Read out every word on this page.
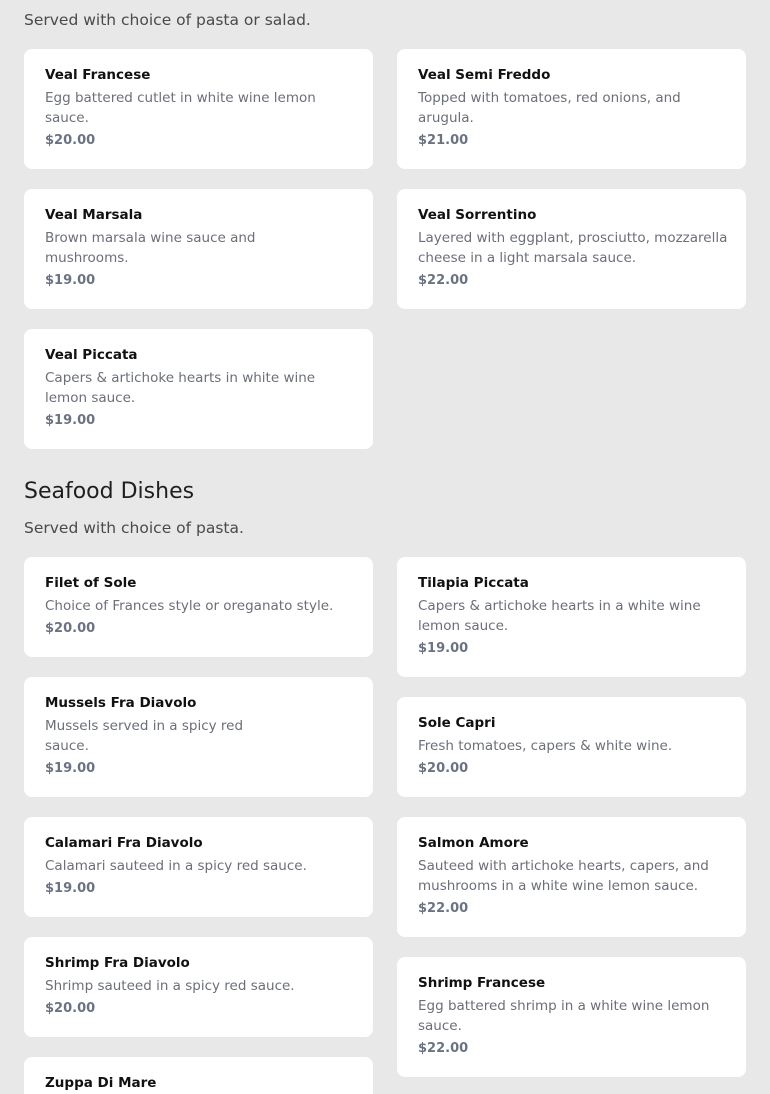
Served with choice of pasta or salad.
Veal Francese
Egg battered cutlet in white wine lemon sauce.
$20.00
Veal Semi Freddo
Topped with tomatoes, red onions, and arugula.
$21.00
Veal Marsala
Brown marsala wine sauce and mushrooms.
$19.00
Veal Sorrentino
Layered with eggplant, prosciutto, mozzarella cheese in a light marsala sauce.
$22.00
Veal Piccata
Capers & artichoke hearts in white wine lemon sauce.
$19.00
Seafood Dishes
Served with choice of pasta.
Filet of Sole
Choice of Frances style or oreganato style.
$20.00
Mussels Fra Diavolo
Mussels served in a spicy red sauce.
$19.00
Calamari Fra Diavolo
Calamari sauteed in a spicy red sauce.
$19.00
Shrimp Fra Diavolo
Shrimp sauteed in a spicy red sauce.
$20.00
Zuppa Di Mare
Tilapia Piccata
Capers & artichoke hearts in a white wine lemon sauce.
$19.00
Sole Capri
Fresh tomatoes, capers & white wine.
$20.00
Salmon Amore
Sauteed with artichoke hearts, capers, and mushrooms in a white wine lemon sauce.
$22.00
Shrimp Francese
Egg battered shrimp in a white wine lemon sauce.
$22.00
